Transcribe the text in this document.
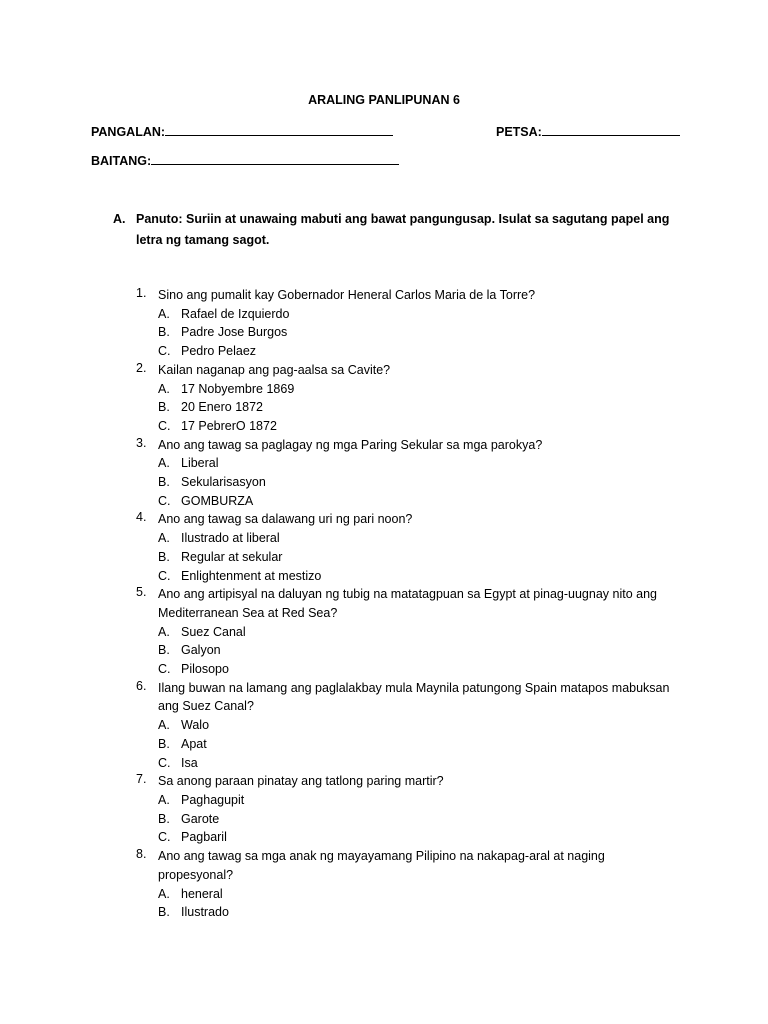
ARALING PANLIPUNAN 6
PANGALAN:	PETSA:
BAITANG:
A. Panuto: Suriin at unawaing mabuti ang bawat pangungusap. Isulat sa sagutang papel ang letra ng tamang sagot.
1. Sino ang pumalit kay Gobernador Heneral Carlos Maria de la Torre?
A. Rafael de Izquierdo
B. Padre Jose Burgos
C. Pedro Pelaez
2. Kailan naganap ang pag-aalsa sa Cavite?
A. 17 Nobyembre 1869
B. 20 Enero 1872
C. 17 PebrerO 1872
3. Ano ang tawag sa paglagay ng mga Paring Sekular sa mga parokya?
A. Liberal
B. Sekularisasyon
C. GOMBURZA
4. Ano ang tawag sa dalawang uri ng pari noon?
A. Ilustrado at liberal
B. Regular at sekular
C. Enlightenment at mestizo
5. Ano ang artipisyal na daluyan ng tubig na matatagpuan sa Egypt at pinag-uugnay nito ang Mediterranean Sea at Red Sea?
A. Suez Canal
B. Galyon
C. Pilosopo
6. Ilang buwan na lamang ang paglalakbay mula Maynila patungong Spain matapos mabuksan ang Suez Canal?
A. Walo
B. Apat
C. Isa
7. Sa anong paraan pinatay ang tatlong paring martir?
A. Paghagupit
B. Garote
C. Pagbaril
8. Ano ang tawag sa mga anak ng mayayamang Pilipino na nakapag-aral at naging propesyonal?
A. heneral
B. Ilustrado
